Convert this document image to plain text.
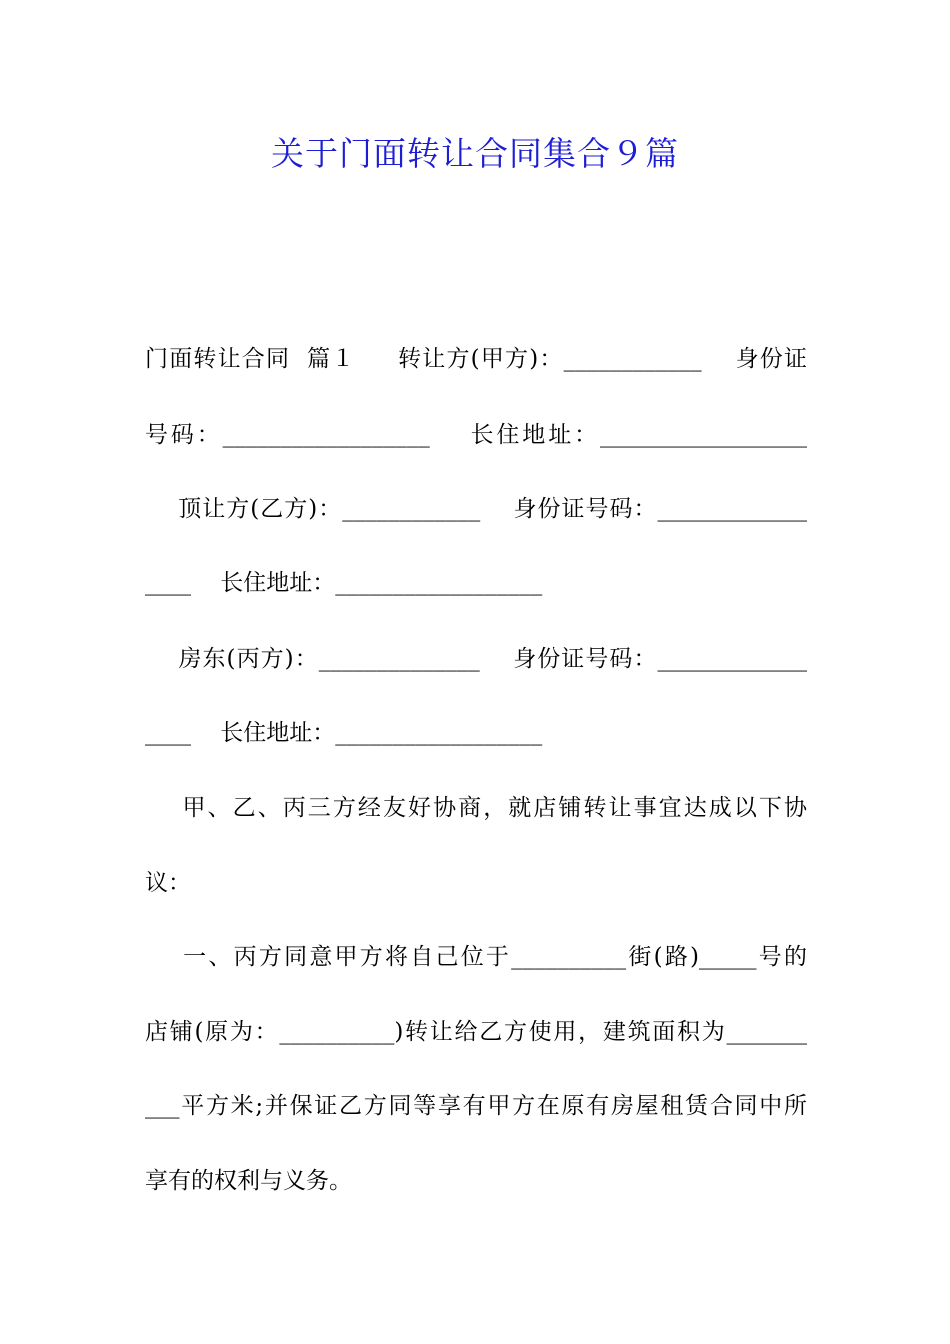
关于门面转让合同集合９篇
门面转让合同  篇１     转让方(甲方)：____________    身份证
号码：__________________    长住地址：__________________
顶让方(乙方)：____________    身份证号码：_____________
____    长住地址：__________________
房东(丙方)：______________    身份证号码：_____________
____    长住地址：__________________
甲、乙、丙三方经友好协商，就店铺转让事宜达成以下协
议：
一、丙方同意甲方将自己位于__________街(路)_____号的
店铺(原为：__________)转让给乙方使用，建筑面积为_______
___平方米;并保证乙方同等享有甲方在原有房屋租赁合同中所
享有的权利与义务。
